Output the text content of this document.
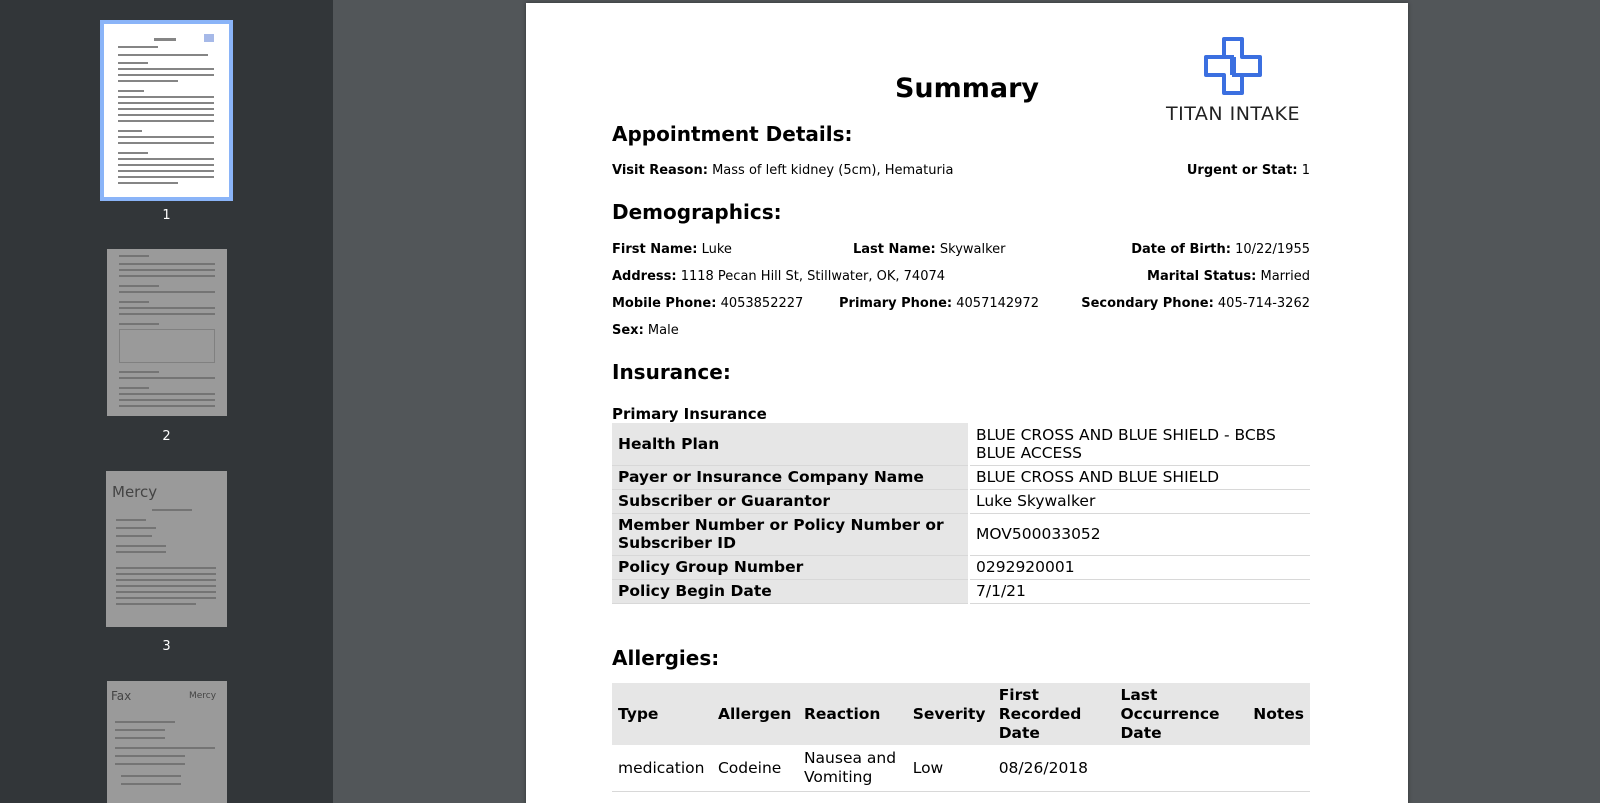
1
2
Mercy
3
Fax	Mercy
TITAN INTAKE
Summary
Appointment Details:
Visit Reason: Mass of left kidney (5cm), Hematuria	Urgent or Stat: 1
Demographics:
First Name: Luke	Last Name: Skywalker	Date of Birth: 10/22/1955
Address: 1118 Pecan Hill St, Stillwater, OK, 74074	Marital Status: Married
Mobile Phone: 4053852227	Primary Phone: 4057142972	Secondary Phone: 405-714-3262
Sex: Male
Insurance:
Primary Insurance
Health Plan	BLUE CROSS AND BLUE SHIELD - BCBS BLUE ACCESS
Payer or Insurance Company Name	BLUE CROSS AND BLUE SHIELD
Subscriber or Guarantor	Luke Skywalker
Member Number or Policy Number or Subscriber ID	MOV500033052
Policy Group Number	0292920001
Policy Begin Date	7/1/21
Allergies:
Type	Allergen	Reaction	Severity	First Recorded Date	Last Occurrence Date	Notes
medication	Codeine	Nausea and Vomiting	Low	08/26/2018		
